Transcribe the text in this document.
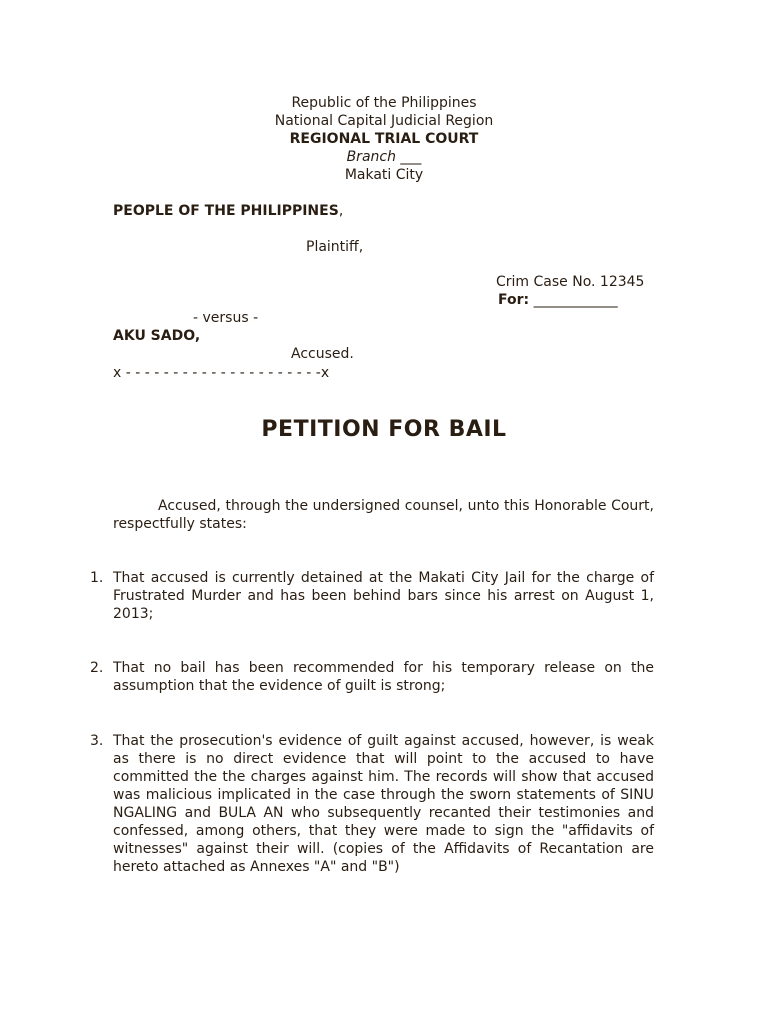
Republic of the Philippines
National Capital Judicial Region
REGIONAL TRIAL COURT
Branch ___
Makati City
PEOPLE OF THE PHILIPPINES,
Plaintiff,
Crim Case No. 12345
For: ____________
- versus -
AKU SADO,
Accused.
x - - - - - - - - - - - - - - - - - - - - -x
PETITION FOR BAIL
Accused, through the undersigned counsel, unto this Honorable Court, respectfully states:
1. That accused is currently detained at the Makati City Jail for the charge of Frustrated Murder and has been behind bars since his arrest on August 1, 2013;
2. That no bail has been recommended for his temporary release on the assumption that the evidence of guilt is strong;
3. That the prosecution's evidence of guilt against accused, however, is weak as there is no direct evidence that will point to the accused to have committed the the charges against him. The records will show that accused was malicious implicated in the case through the sworn statements of SINU NGALING and BULA AN who subsequently recanted their testimonies and confessed, among others, that they were made to sign the "affidavits of witnesses" against their will. (copies of the Affidavits of Recantation are hereto attached as Annexes "A" and "B")
